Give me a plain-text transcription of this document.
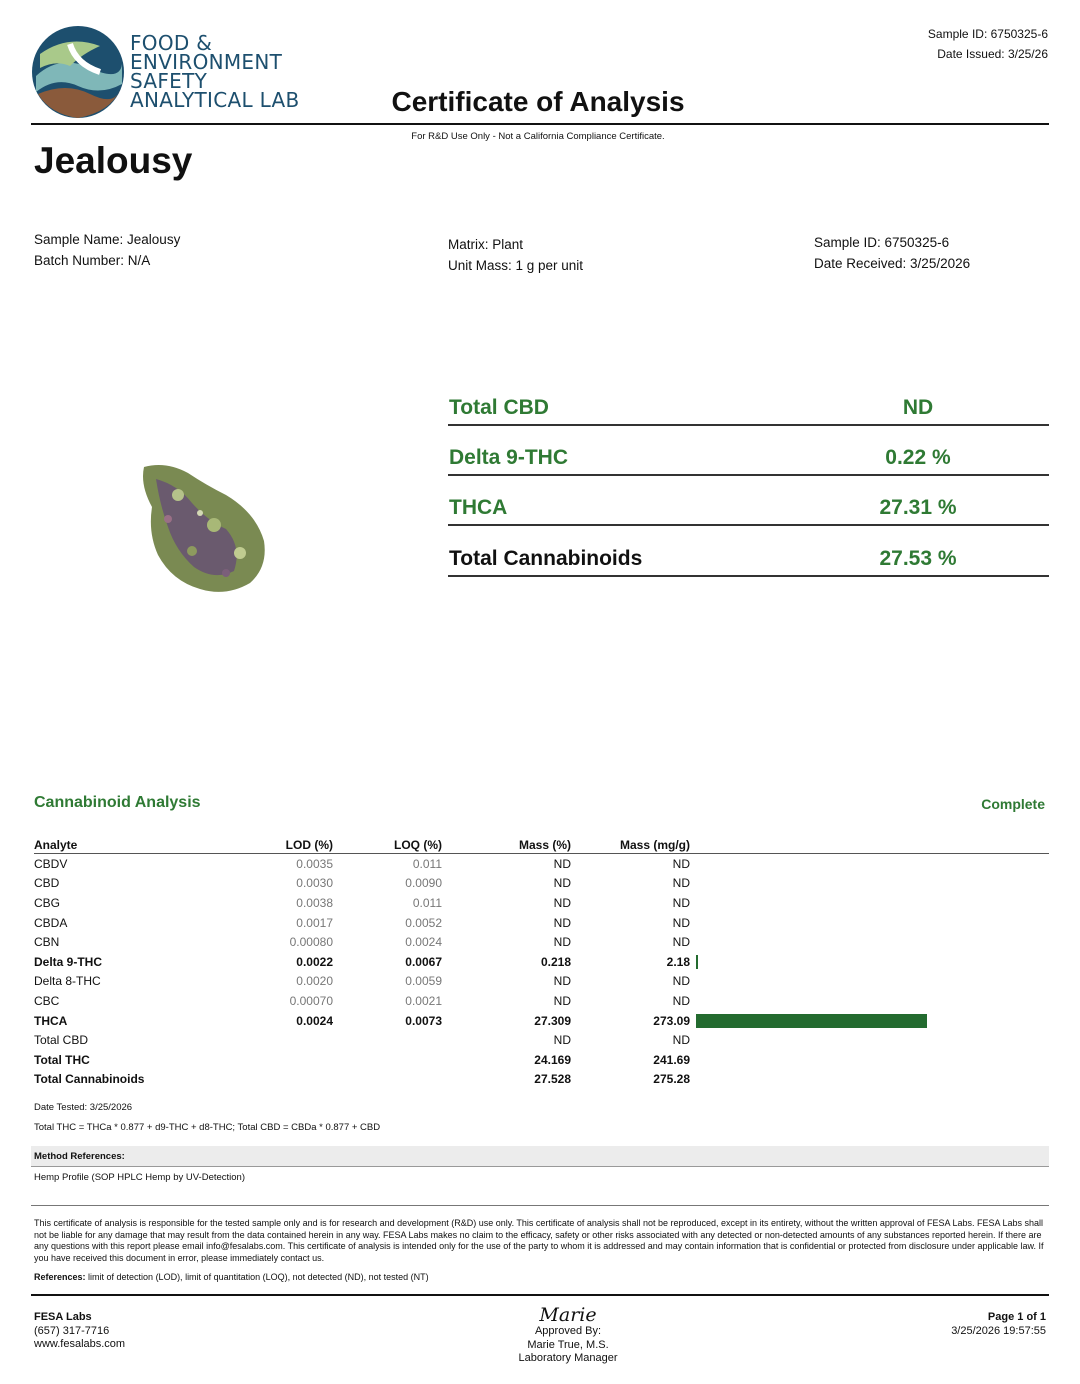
FOOD &
ENVIRONMENT
SAFETY
ANALYTICAL LAB
Sample ID: 6750325-6
Date Issued: 3/25/26
Certificate of Analysis
For R&D Use Only - Not a California Compliance Certificate.
Jealousy
Sample Name: Jealousy
Batch Number: N/A
Matrix: Plant
Unit Mass: 1 g per unit
Sample ID: 6750325-6
Date Received: 3/25/2026
Total CBD	ND
Delta 9-THC	0.22 %
THCA	27.31 %
Total Cannabinoids	27.53 %
Cannabinoid Analysis	Complete
Analyte	LOD (%)	LOQ (%)	Mass (%)	Mass (mg/g)	
CBDV	0.0035	0.011	ND	ND	
CBD	0.0030	0.0090	ND	ND	
CBG	0.0038	0.011	ND	ND	
CBDA	0.0017	0.0052	ND	ND	
CBN	0.00080	0.0024	ND	ND	
Delta 9-THC	0.0022	0.0067	0.218	2.18	
Delta 8-THC	0.0020	0.0059	ND	ND	
CBC	0.00070	0.0021	ND	ND	
THCA	0.0024	0.0073	27.309	273.09	
Total CBD			ND	ND	
Total THC			24.169	241.69	
Total Cannabinoids			27.528	275.28	
Date Tested: 3/25/2026
Total THC = THCa * 0.877 + d9-THC + d8-THC; Total CBD = CBDa * 0.877 + CBD
Method References:
Hemp Profile (SOP HPLC Hemp by UV-Detection)
This certificate of analysis is responsible for the tested sample only and is for research and development (R&D) use only. This certificate of analysis shall not be reproduced, except in its entirety, without the written approval of FESA Labs. FESA Labs shall not be liable for any damage that may result from the data contained herein in any way. FESA Labs makes no claim to the efficacy, safety or other risks associated with any detected or non-detected amounts of any substances reported herein. If there are any questions with this report please email info@fesalabs.com. This certificate of analysis is intended only for the use of the party to whom it is addressed and may contain information that is confidential or protected from disclosure under applicable law. If you have received this document in error, please immediately contact us.
References: limit of detection (LOD), limit of quantitation (LOQ), not detected (ND), not tested (NT)
FESA Labs
(657) 317-7716
www.fesalabs.com
Marie
Approved By:
Marie True, M.S.
Laboratory Manager
Page 1 of 1
3/25/2026 19:57:55
